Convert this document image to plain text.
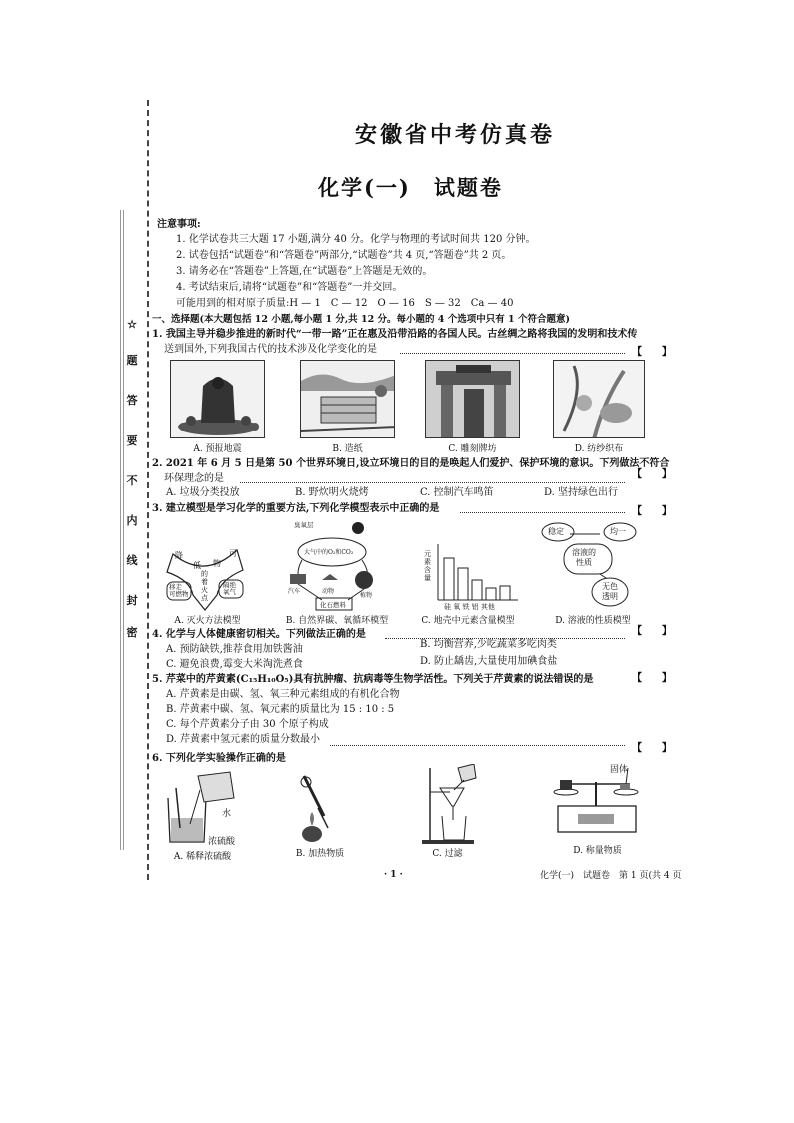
☆
题
答
要
不
内
线
封
密
安徽省中考仿真卷
化学(一)　试题卷
注意事项:
1. 化学试卷共三大题 17 小题,满分 40 分。化学与物理的考试时间共 120 分钟。
2. 试卷包括“试题卷”和“答题卷”两部分,“试题卷”共 4 页,“答题卷”共 2 页。
3. 请务必在“答题卷”上答题,在“试题卷”上答题是无效的。
4. 考试结束后,请将“试题卷”和“答题卷”一并交回。
可能用到的相对原子质量:H — 1　C — 12　O — 16　S — 32　Ca — 40
一、选择题(本大题包括 12 小题,每小题 1 分,共 12 分。每小题的 4 个选项中只有 1 个符合题意)
1. 我国主导并稳步推进的新时代“一带一路”正在惠及沿带沿路的各国人民。古丝绸之路将我国的发明和技术传
送到国外,下列我国古代的技术涉及化学变化的是	【　　】
A. 预报地震	B. 造纸	C. 雕刻牌坊	D. 纺纱织布
2. 2021 年 6 月 5 日是第 50 个世界环境日,设立环境日的目的是唤起人们爱护、保护环境的意识。下列做法不符合
环保理念的是	【　　】
A. 垃圾分类投放	B. 野炊明火烧烤	C. 控制汽车鸣笛	D. 坚持绿色出行
3. 建立模型是学习化学的重要方法,下列化学模型表示中正确的是	【　　】
降	可
低 物
的
着
火
点
移走
可燃物
隔绝
氧气
臭氧层
大气中的O₂和CO₂
汽车	动物
植物
化石燃料
元
素
含
量
硅 氧 铁 铝 其他
稳定	均一
溶液的
性质
无色
透明
A. 灭火方法模型	B. 自然界碳、氧循环模型	C. 地壳中元素含量模型	D. 溶液的性质模型
4. 化学与人体健康密切相关。下列做法正确的是	【　　】
A. 预防缺铁,推荐食用加铁酱油	B. 均衡营养,少吃蔬菜多吃肉类
C. 避免浪费,霉变大米淘洗煮食	D. 防止龋齿,大量使用加碘食盐
5. 芹菜中的芹黄素(C₁₅H₁₀O₅)具有抗肿瘤、抗病毒等生物学活性。下列关于芹黄素的说法错误的是	【　　】
A. 芹黄素是由碳、氢、氧三种元素组成的有机化合物
B. 芹黄素中碳、氢、氧元素的质量比为 15 : 10 : 5
C. 每个芹黄素分子由 30 个原子构成
D. 芹黄素中氢元素的质量分数最小
【　　】
6. 下列化学实验操作正确的是
水
浓硫酸
固体
A. 稀释浓硫酸	B. 加热物质	C. 过滤	D. 称量物质
· 1 ·	化学(一)　试题卷　第 1 页(共 4 页
